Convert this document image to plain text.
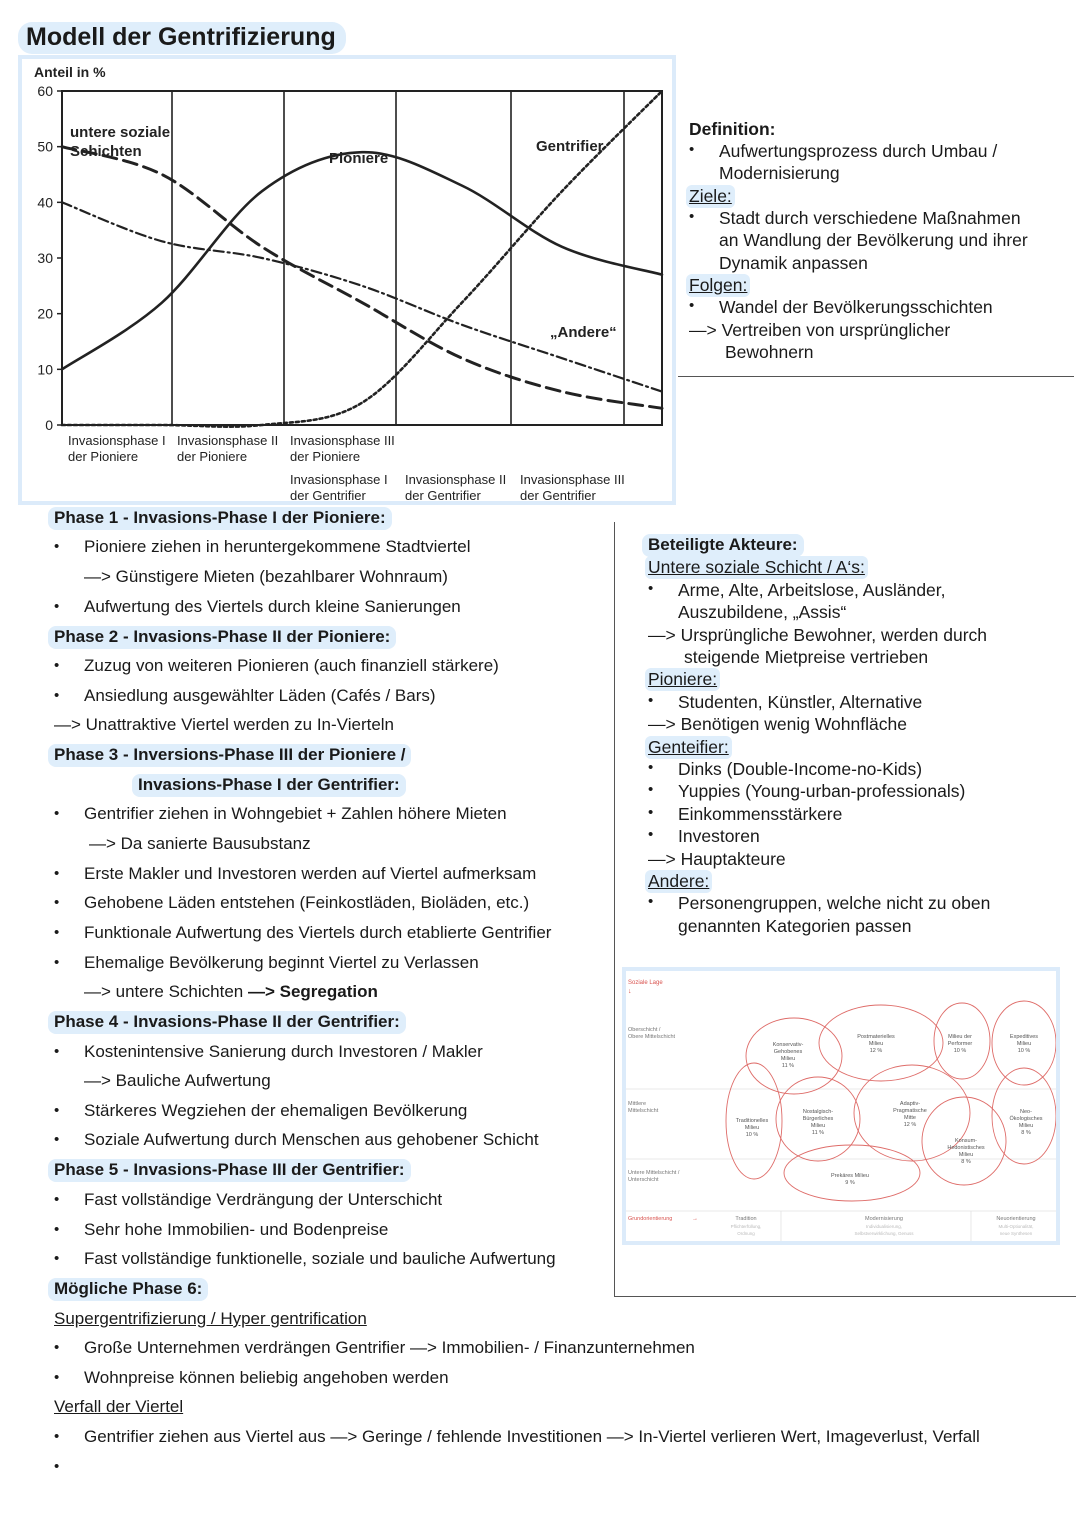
Modell der Gentrifizierung
0
10
20
30
40
50
60
Anteil in %
untere soziale
Schichten	Pioniere
Gentrifier
„Andere“
Invasionsphase I
der Pioniere
Invasionsphase II
der Pioniere
Invasionsphase III
der Pioniere
Invasionsphase I
der Gentrifier
Invasionsphase II
der Gentrifier
Invasionsphase III
der Gentrifier
Definition:
• Aufwertungsprozess durch Umbau /
Modernisierung
Ziele:
• Stadt durch verschiedene Maßnahmen
an Wandlung der Bevölkerung und ihrer
Dynamik anpassen
Folgen:
• Wandel der Bevölkerungsschichten
—> Vertreiben von ursprünglicher
Bewohnern
Phase 1 - Invasions-Phase I der Pioniere:
• Pioniere ziehen in heruntergekommene Stadtviertel
—> Günstigere Mieten (bezahlbarer Wohnraum)
• Aufwertung des Viertels durch kleine Sanierungen
Phase 2 - Invasions-Phase II der Pioniere:
• Zuzug von weiteren Pionieren (auch finanziell stärkere)
• Ansiedlung ausgewählter Läden (Cafés / Bars)
—> Unattraktive Viertel werden zu In-Vierteln
Phase 3 - Inversions-Phase III der Pioniere /
Invasions-Phase I der Gentrifier:
• Gentrifier ziehen in Wohngebiet + Zahlen höhere Mieten
—> Da sanierte Bausubstanz
• Erste Makler und Investoren werden auf Viertel aufmerksam
• Gehobene Läden entstehen (Feinkostläden, Bioläden, etc.)
• Funktionale Aufwertung des Viertels durch etablierte Gentrifier
• Ehemalige Bevölkerung beginnt Viertel zu Verlassen
—> untere Schichten —> Segregation
Phase 4 - Invasions-Phase II der Gentrifier:
• Kostenintensive Sanierung durch Investoren / Makler
—> Bauliche Aufwertung
• Stärkeres Wegziehen der ehemaligen Bevölkerung
• Soziale Aufwertung durch Menschen aus gehobener Schicht
Phase 5 - Invasions-Phase III der Gentrifier:
• Fast vollständige Verdrängung der Unterschicht
• Sehr hohe Immobilien- und Bodenpreise
• Fast vollständige funktionelle, soziale und bauliche Aufwertung
Mögliche Phase 6:
Supergentrifizierung / Hyper gentrification
• Große Unternehmen verdrängen Gentrifier —> Immobilien- / Finanzunternehmen
• Wohnpreise können beliebig angehoben werden
Verfall der Viertel
• Gentrifier ziehen aus Viertel aus —> Geringe / fehlende Investitionen —> In-Viertel verlieren Wert, Imageverlust, Verfall
•
Beteiligte Akteure:
Untere soziale Schicht / A‘s:
• Arme, Alte, Arbeitslose, Ausländer,
Auszubildene, „Assis“
—> Ursprüngliche Bewohner, werden durch
steigende Mietpreise vertrieben
Pioniere:
• Studenten, Künstler, Alternative
—> Benötigen wenig Wohnfläche
Genteifier:
• Dinks (Double-Income-no-Kids)
• Yuppies (Young-urban-professionals)
• Einkommensstärkere
• Investoren
—> Hauptakteure
Andere:
• Personengruppen, welche nicht zu oben
genannten Kategorien passen
Soziale Lage
↓
Oberschicht /
Obere Mittelschicht
Mittlere
Mittelschicht
Untere Mittelschicht /
Unterschicht
Grundorientierung	→	Tradition	Modernisierung	Neuorientierung
Pflichterfüllung,
Ordnung
Individualisierung,
Selbstverwirklichung, Genuss
Multi-Optionalität,
neue Synthesen
Konservativ-
Gehobenes
Milieu
11 %
Postmaterielles
Milieu
12 %
Milieu der
Performer
10 %
Expeditives
Milieu
10 %
Traditionelles
Milieu
10 %
Nostalgisch-
Bürgerliches
Milieu
11 %
Adaptiv-
Pragmatische
Mitte
12 %
Neo-
Ökologisches
Milieu
8 %
Konsum-
Hedonistisches
Milieu
8 %
Prekäres Milieu
9 %
